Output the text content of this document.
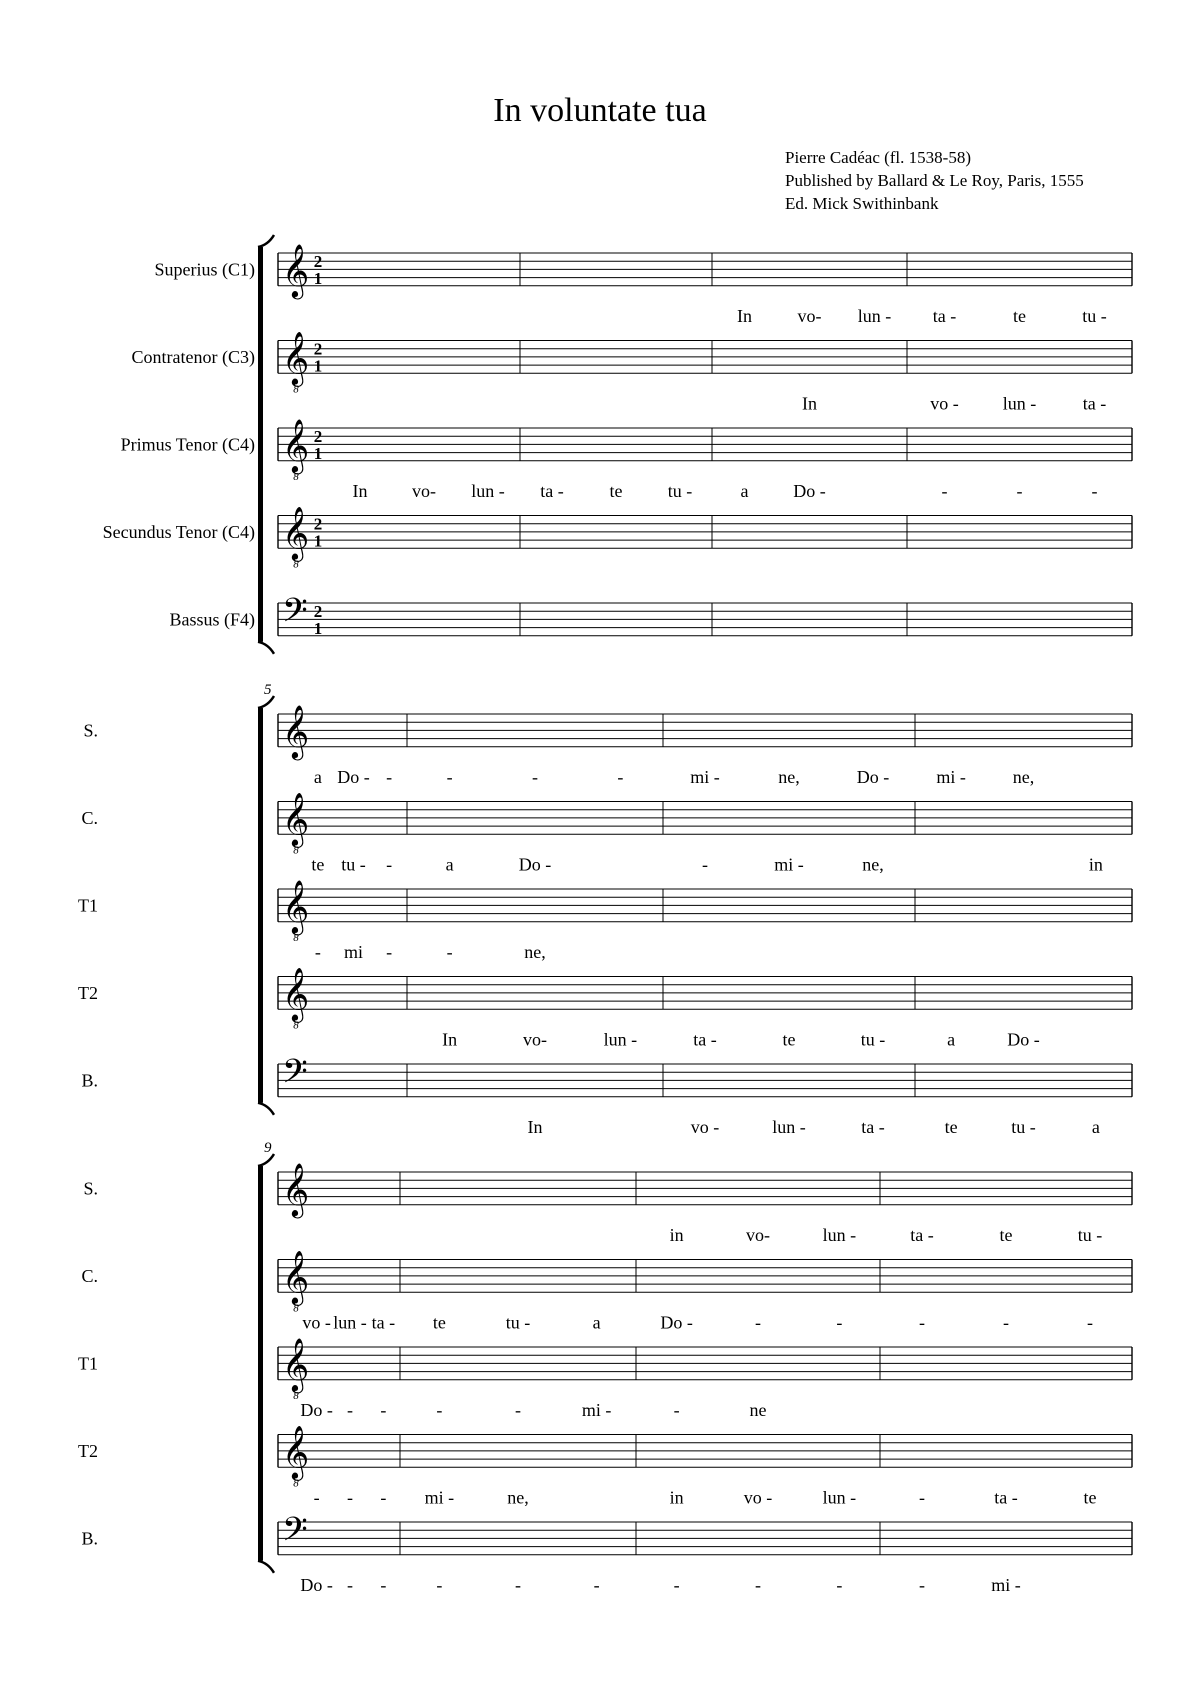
In voluntate tua
Pierre Cadéac (fl. 1538-58)
Published by Ballard & Le Roy, Paris, 1555
Ed. Mick Swithinbank
Superius (C1) 𝄞 2
1
In	vo- lun - ta -	te	tu -
Contratenor (C3) 𝄞
8
2
1
In	vo - lun -	ta -
Primus Tenor (C4) 𝄞
8
2
1
In vo- lun - ta -	te	tu -	a Do -	-	-	-
Secundus Tenor (C4) 𝄞
8
2
1
Bassus (F4) 𝄢 2
1
5
S.	𝄞
a Do - -	-	-	-	mi -	ne,	Do -	mi -	ne,
C.	𝄞
8
te tu - -	a	Do -	-	mi -	ne,	in
T1	𝄞
8
- mi -	-	ne,
T2	𝄞
8
In	vo-	lun -	ta -	te	tu -	a	Do -
B.	𝄢
In	vo -	lun -	ta -	te	tu -	a
9
S.	𝄞
in	vo-	lun -	ta -	te	tu -
C.	𝄞
8
vo - lun - ta - te	tu -	a	Do -	-	-	-	-	-
T1	𝄞
8
Do - - -	-	-	mi -	-	ne
T2	𝄞
8
- - - mi -	ne,	in	vo -	lun -	-	ta -	te
B.	𝄢
Do - - -	-	-	-	-	-	-	-	mi -
